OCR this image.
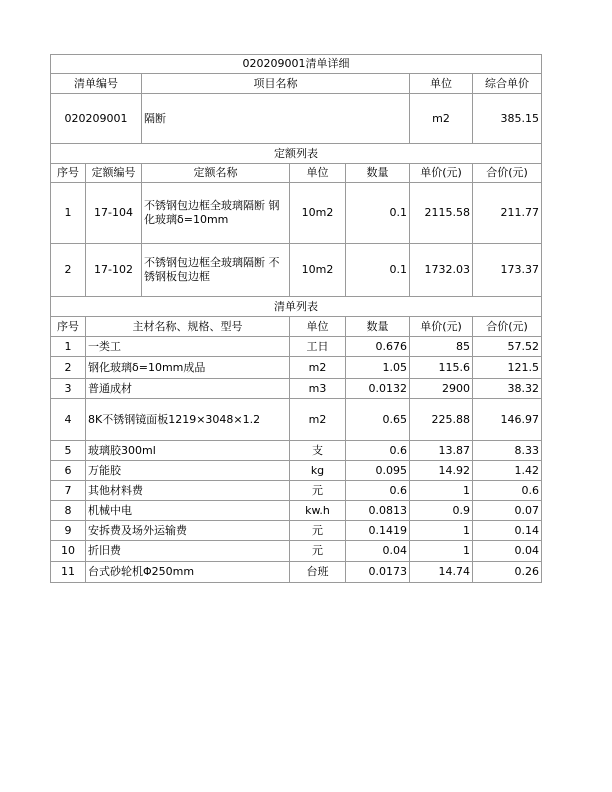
020209001清单详细						
清单编号		项目名称			单位	综合单价
020209001		隔断			m2	385.15
定额列表						
序号	定额编号	定额名称	单位	数量	单价(元)	合价(元)
1	17-104	不锈钢包边框全玻璃隔断 钢化玻璃δ=10mm	10m2	0.1	2115.58	211.77
2	17-102	不锈钢包边框全玻璃隔断 不锈钢板包边框	10m2	0.1	1732.03	173.37
清单列表						
序号	主材名称、规格、型号		单位	数量	单价(元)	合价(元)
1	一类工		工日	0.676	85	57.52
2	钢化玻璃δ=10mm成品		m2	1.05	115.6	121.5
3	普通成材		m3	0.0132	2900	38.32
4	8K不锈钢镜面板1219×3048×1.2		m2	0.65	225.88	146.97
5	玻璃胶300ml		支	0.6	13.87	8.33
6	万能胶		kg	0.095	14.92	1.42
7	其他材料费		元	0.6	1	0.6
8	机械中电		kw.h	0.0813	0.9	0.07
9	安拆费及场外运输费		元	0.1419	1	0.14
10	折旧费		元	0.04	1	0.04
11	台式砂轮机Φ250mm		台班	0.0173	14.74	0.26
